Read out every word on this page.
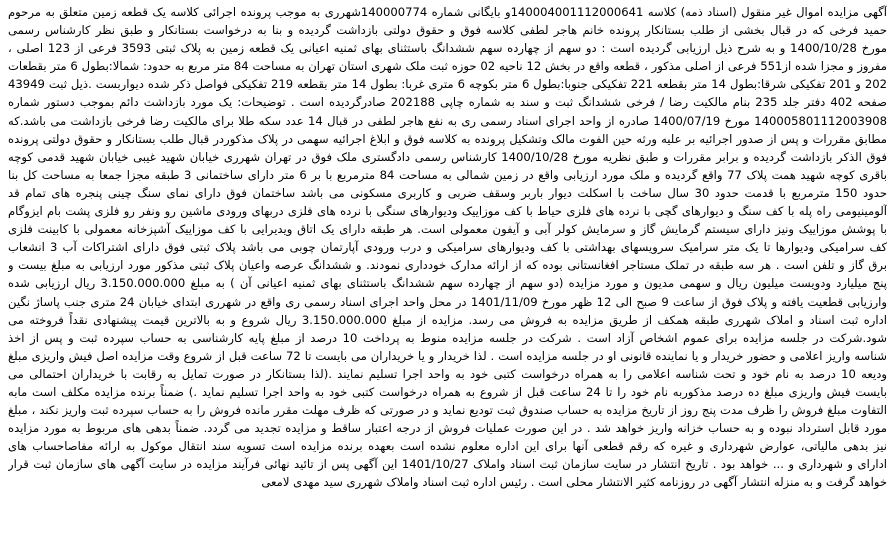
آگهی مزایده اموال غیر منقول (اسناد ذمه) کلاسه 140004001112000641و بایگانی شماره 140000774شهرری به موجب پرونده اجرائی کلاسه یک قطعه زمین متعلق به مرحوم
حمید فرخی که در قبال بخشی از طلب بستانکار پرونده خانم هاجر لطفی کلاسه فوق و حقوق دولتی بازداشت گردیده و بنا به درخواست بستانکار و طبق نظر کارشناس رسمی
مورخ 1400/10/28 و به شرح ذیل ارزیابی گردیده است : دو سهم از چهارده سهم ششدانگ باستثنای بهای ثمنیه اعیانی یک قطعه زمین به پلاک ثبتی 3593 فرعی از 123 اصلی ،
مفروز و مجزا شده از551 فرعی از اصلی مذکور ، قطعه واقع در بخش 12 ناحیه 02 حوزه ثبت ملک شهری استان تهران به مساحت 84 متر مربع به حدود: شمالا:بطول 6 متر بقطعات
202 و 201 تفکیکی شرقا:بطول 14 متر بقطعه 221 تفکیکی جنوبا:بطول 6 متر بکوچه 6 متری غربا: بطول 14 متر بقطعه 219 تفکیکی فواصل ذکر شده دیواربست .ذیل ثبت 43949
صفحه 402 دفتر جلد 235 بنام مالکیت رضا / فرخی ششدانگ ثبت و سند به شماره چاپی 202188 صادرگردیده است . توضیحات: یک مورد بازداشت دائم بموجب دستور شماره
140005801112003908 مورخ 1400/07/19 صادره از واحد اجرای اسناد رسمی ری به نفع هاجر لطفی در قبال 14 عدد سکه طلا برای مالکیت رضا فرخی بازداشت می باشد.که
مطابق مقررات و پس از صدور اجرائیه بر علیه ورثه حین الفوت مالک وتشکیل پرونده به کلاسه فوق و ابلاغ اجرائیه سهمی در پلاک مذکوردر قبال طلب بستانکار و حقوق دولتی پرونده
فوق الذکر بازداشت گردیده و برابر مقررات و طبق نظریه مورخ 1400/10/28 کارشناس رسمی دادگستری ملک فوق در تهران شهرری خیابان شهید غیبی خیابان شهید قدمی کوچه
باقری کوچه شهید همت پلاک 77 واقع گردیده و ملک مورد ارزیابی واقع در زمین شمالی به مساحت 84 مترمربع با بر 6 متر دارای ساختمانی 3 طبقه مجزا جمعا به مساحت کل بنا
حدود 150 مترمربع با قدمت حدود 30 سال ساخت با اسکلت دیوار باربر وسقف ضربی و کاربری مسکونی می باشد ساختمان فوق دارای نمای سنگ چینی پنجره های تمام قد
آلومینیومی راه پله با کف سنگ و دیوارهای گچی با نرده های فلزی حیاط با کف موزاییک ودیوارهای سنگی با نرده های فلزی دربهای ورودی ماشین رو ونفر رو فلزی پشت بام ایزوگام
با پوشش موزاییک ونیز دارای سیستم گرمایش گاز و سرمایش کولر آبی و آیفون معمولی است. هر طبقه دارای یک اتاق ویدیرایی با کف موزاییک آشپزخانه معمولی با کابینت فلزی
کف سرامیکی ودیوارها تا یک متر سرامیک سرویسهای بهداشتی با کف ودیوارهای سرامیکی و درب ورودی آپارتمان چوبی می باشد پلاک ثبتی فوق دارای اشتراکات آب 3 انشعاب
برق گاز و تلفن است . هر سه طبقه در تملک مستاجر افغانستانی بوده که از ارائه مدارک خودداری نمودند. و ششدانگ عرصه واعیان پلاک ثبتی مذکور مورد ارزیابی به مبلغ بیست و
پنج میلیارد ودویست میلیون ریال و سهمی مدیون و مورد مزایده (دو سهم از چهارده سهم ششدانگ باستثنای بهای ثمنیه اعیانی آن ) به مبلغ 3.150.000.000 ریال ارزیابی شده
وارزیابی قطعیت یافته و پلاک فوق از ساعت 9 صبح الی 12 ظهر مورخ 1401/11/09 در محل واحد اجرای اسناد رسمی ری واقع در شهرری ابتدای خیابان 24 متری جنب پاساژ نگین
اداره ثبت اسناد و املاک شهرری طبقه همکف از طریق مزایده به فروش می رسد. مزایده از مبلغ 3.150.000.000 ریال شروع و به بالاترین قیمت پیشنهادی نقداً فروخته می
شود.شرکت در جلسه مزایده برای عموم اشخاص آزاد است . شرکت در جلسه مزایده منوط به پرداخت 10 درصد از مبلغ پایه کارشناسی به حساب سپرده ثبت و پس از اخذ
شناسه واریز اعلامی و حضور خریدار و یا نماینده قانونی او در جلسه مزایده است . لذا خریدار و یا خریداران می بایست تا 72 ساعت قبل از شروع وقت مزایده اصل فیش واریزی مبلغ
ودیعه 10 درصد به نام خود و تحت شناسه اعلامی را به همراه درخواست کتبی خود به واحد اجرا تسلیم نمایند .(لذا بستانکار در صورت تمایل به رقابت با خریداران احتمالی می
بایست فیش واریزی مبلغ ده درصد مذکوربه نام خود را تا 24 ساعت قبل از شروع به همراه درخواست کتبی خود به واحد اجرا تسلیم نماید .) ضمناً برنده مزایده مکلف است مابه
التفاوت مبلغ فروش را ظرف مدت پنج روز از تاریخ مزایده به حساب صندوق ثبت تودیع نماید و در صورتی که ظرف مهلت مقرر مانده فروش را به حساب سپرده ثبت واریز نکند ، مبلغ
مورد قابل استرداد نبوده و به حساب خزانه واریز خواهد شد . در این صورت عملیات فروش از درجه اعتبار ساقط و مزایده تجدید می گردد. ضمناً بدهی های مربوط به مورد مزایده
نیز بدهی مالیاتی، عوارض شهرداری و غیره که رقم قطعی آنها برای این اداره معلوم نشده است بعهده برنده مزایده است تسویه سند انتقال موکول به ارائه مفاصاحساب های
ادارای و شهرداری و ... خواهد بود . تاریخ انتشار در سایت سازمان ثبت اسناد واملاک 1401/10/27 این آگهی پس از تائید نهائی فرآیند مزایده در سایت آگهی های سازمان ثبت قرار
خواهد گرفت و به منزله انتشار آگهی در روزنامه کثیر الانتشار محلی است . رئیس اداره ثبت اسناد واملاک شهرری سید مهدی لامعی
